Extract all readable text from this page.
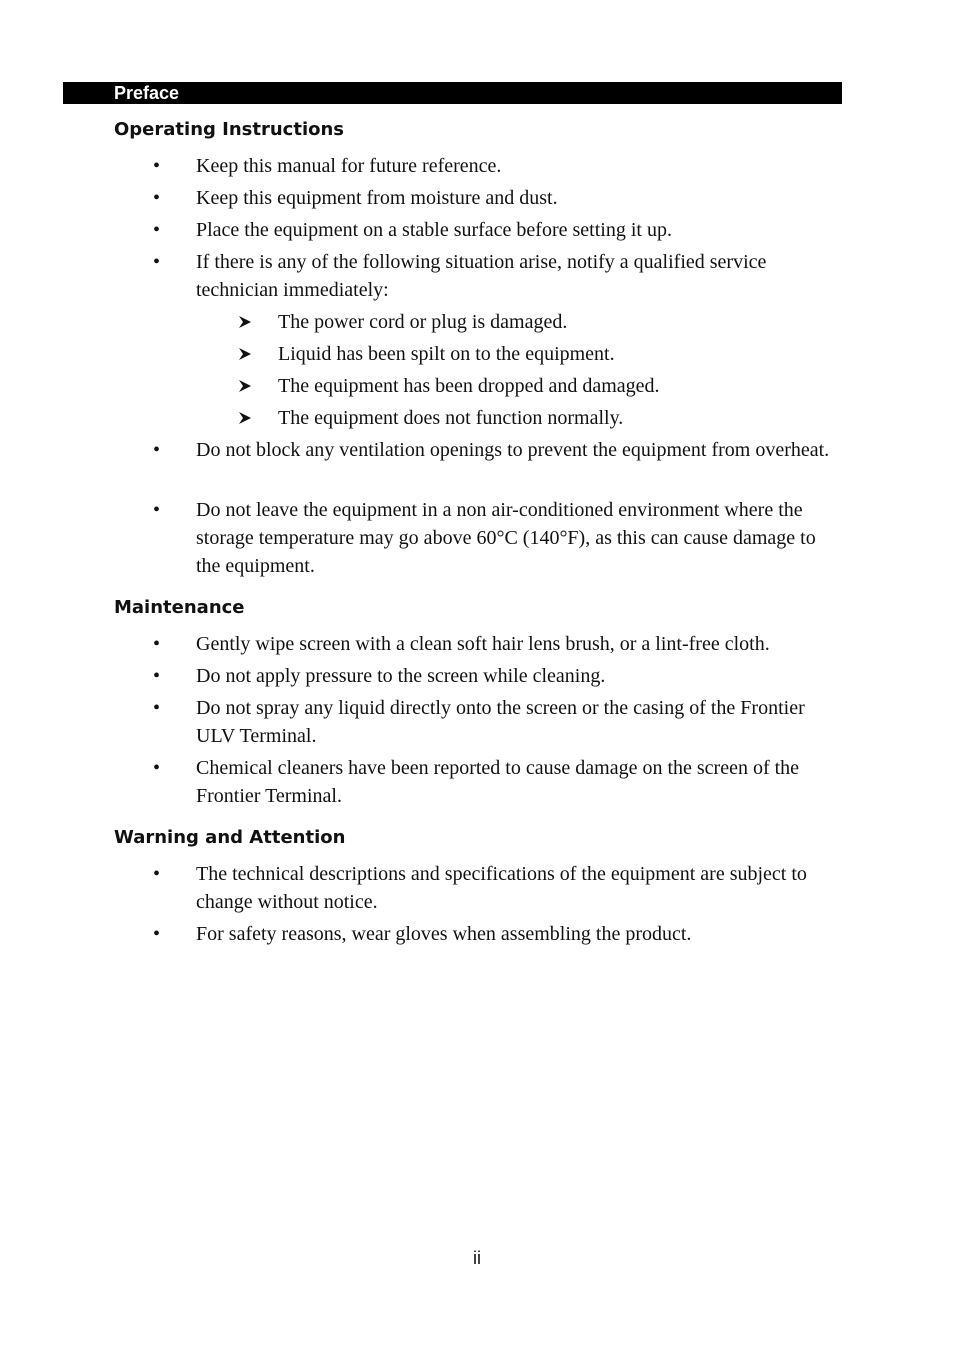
Preface
Operating Instructions
• Keep this manual for future reference.
• Keep this equipment from moisture and dust.
• Place the equipment on a stable surface before setting it up.
• If there is any of the following situation arise, notify a qualified service technician immediately:
The power cord or plug is damaged.
Liquid has been spilt on to the equipment.
The equipment has been dropped and damaged.
The equipment does not function normally.
• Do not block any ventilation openings to prevent the equipment from overheat.
• Do not leave the equipment in a non air-conditioned environment where the storage temperature may go above 60°C (140°F), as this can cause damage to the equipment.
Maintenance
• Gently wipe screen with a clean soft hair lens brush, or a lint-free cloth.
• Do not apply pressure to the screen while cleaning.
• Do not spray any liquid directly onto the screen or the casing of the Frontier ULV Terminal.
• Chemical cleaners have been reported to cause damage on the screen of the Frontier Terminal.
Warning and Attention
• The technical descriptions and specifications of the equipment are subject to change without notice.
• For safety reasons, wear gloves when assembling the product.
ii
